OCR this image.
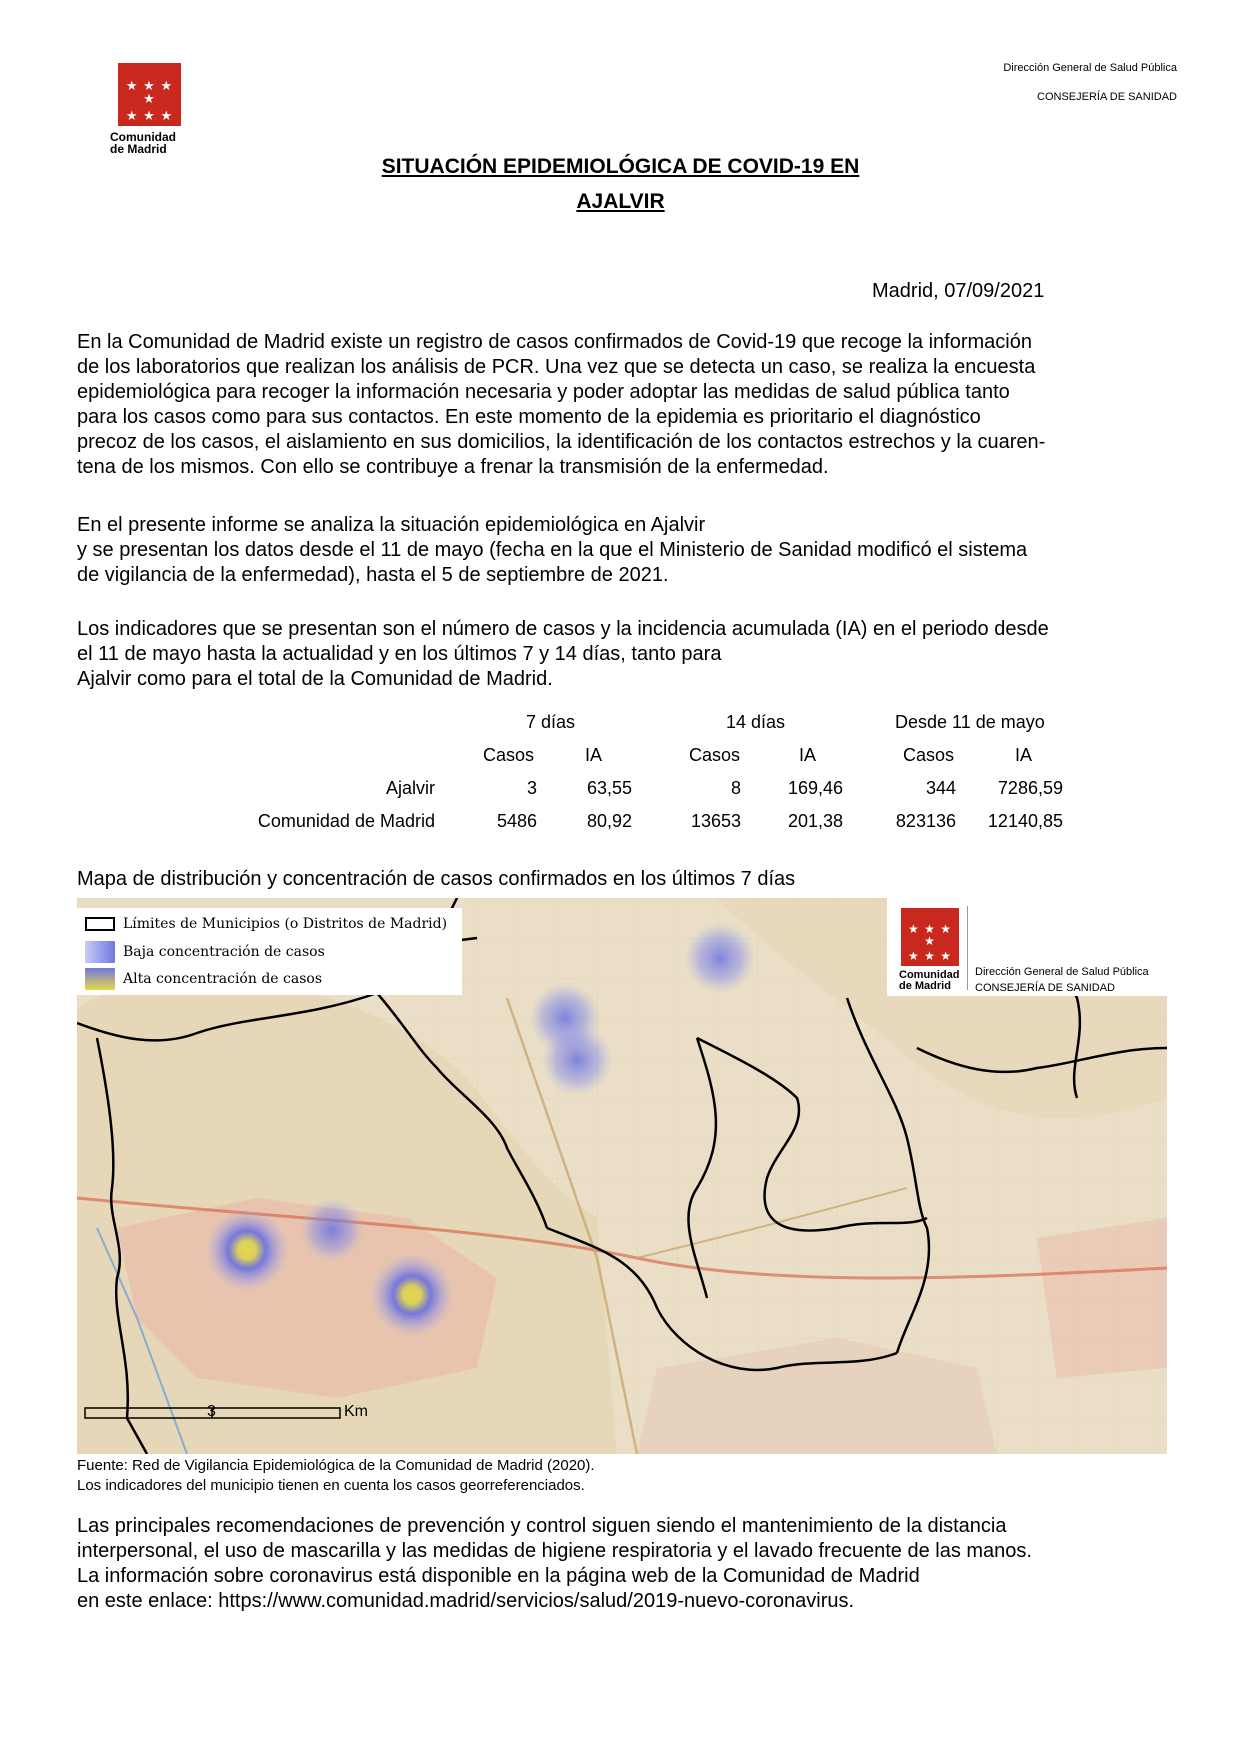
★ ★ ★ ★
★ ★ ★
Comunidad
de Madrid
Dirección General de Salud Pública
CONSEJERÍA DE SANIDAD
SITUACIÓN EPIDEMIOLÓGICA DE COVID-19 EN
AJALVIR
Madrid, 07/09/2021
En la Comunidad de Madrid existe un registro de casos confirmados de Covid-19 que recoge la información
de los laboratorios que realizan los análisis de PCR. Una vez que se detecta un caso, se realiza la encuesta
epidemiológica para recoger la información necesaria y poder adoptar las medidas de salud pública tanto
para los casos como para sus contactos. En este momento de la epidemia es prioritario el diagnóstico
precoz de los casos, el aislamiento en sus domicilios, la identificación de los contactos estrechos y la cuaren-
tena de los mismos. Con ello se contribuye a frenar la transmisión de la enfermedad.
En el presente informe se analiza la situación epidemiológica en Ajalvir
y se presentan los datos desde el 11 de mayo (fecha en la que el Ministerio de Sanidad modificó el sistema
de vigilancia de la enfermedad), hasta el 5 de septiembre de 2021.
Los indicadores que se presentan son el número de casos y la incidencia acumulada (IA) en el periodo desde
el 11 de mayo hasta la actualidad y en los últimos 7 y 14 días, tanto para
Ajalvir como para el total de la Comunidad de Madrid.
7 días	14 días	Desde 11 de mayo
Casos	IA	Casos	IA	Casos	IA
Ajalvir	3	63,55	8	169,46	344 7286,59
Comunidad de Madrid	5486	80,92	13653	201,38	823136 12140,85
Mapa de distribución y concentración de casos confirmados en los últimos 7 días
3	Km
Límites de Municipios (o Distritos de Madrid)
Baja concentración de casos
Alta concentración de casos
★ ★ ★ ★
★ ★ ★
Comunidad
de Madrid
Dirección General de Salud Pública
CONSEJERÍA DE SANIDAD
Fuente: Red de Vigilancia Epidemiológica de la Comunidad de Madrid (2020).
Los indicadores del municipio tienen en cuenta los casos georreferenciados.
Las principales recomendaciones de prevención y control siguen siendo el mantenimiento de la distancia
interpersonal, el uso de mascarilla y las medidas de higiene respiratoria y el lavado frecuente de las manos.
La información sobre coronavirus está disponible en la página web de la Comunidad de Madrid
en este enlace: https://www.comunidad.madrid/servicios/salud/2019-nuevo-coronavirus.
